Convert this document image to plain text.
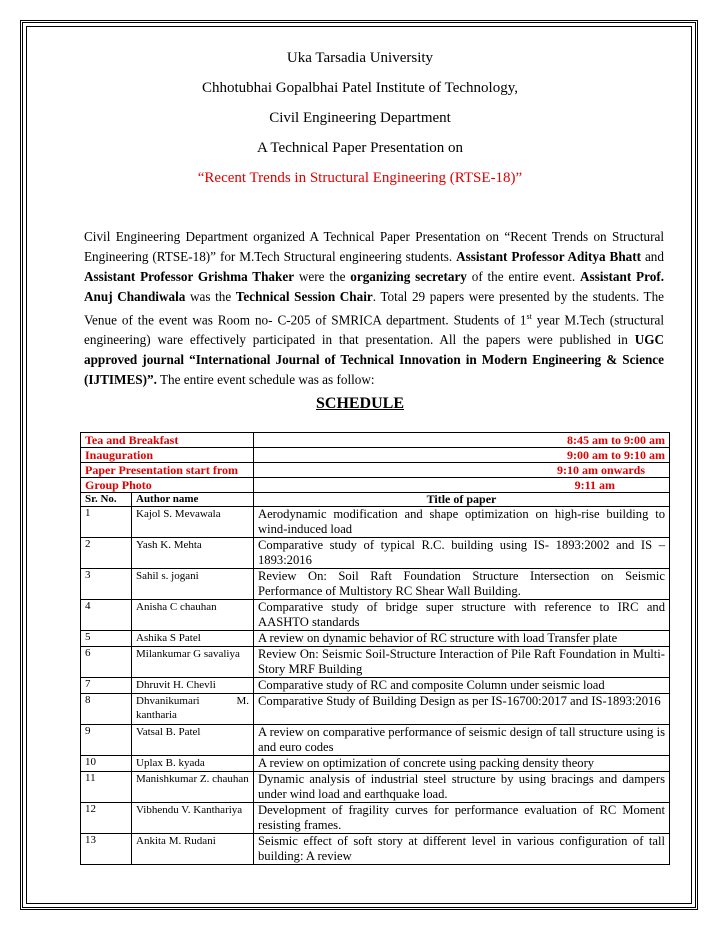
Uka Tarsadia University
Chhotubhai Gopalbhai Patel Institute of Technology,
Civil Engineering Department
A Technical Paper Presentation on
“Recent Trends in Structural Engineering (RTSE-18)”
Civil Engineering Department organized A Technical Paper Presentation on “Recent Trends on Structural Engineering (RTSE-18)” for M.Tech Structural engineering students. Assistant Professor Aditya Bhatt and Assistant Professor Grishma Thaker were the organizing secretary of the entire event. Assistant Prof. Anuj Chandiwala was the Technical Session Chair. Total 29 papers were presented by the students. The Venue of the event was Room no- C-205 of SMRICA department. Students of 1st year M.Tech (structural engineering) ware effectively participated in that presentation. All the papers were published in UGC approved journal “International Journal of Technical Innovation in Modern Engineering & Science (IJTIMES)”. The entire event schedule was as follow:
SCHEDULE
Tea and Breakfast		8:45 am to 9:00 am
Inauguration		9:00 am to 9:10 am
Paper Presentation start from		9:10 am onwards
Group Photo		9:11 am
Sr. No.	Author name	Title of paper
1	Kajol S. Mevawala	Aerodynamic modification and shape optimization on high-rise building to wind-induced load
2	Yash K. Mehta	Comparative study of typical R.C. building using IS- 1893:2002 and IS – 1893:2016
3	Sahil s. jogani	Review On: Soil Raft Foundation Structure Intersection on Seismic Performance of Multistory RC Shear Wall Building.
4	Anisha C chauhan	Comparative study of bridge super structure with reference to IRC and AASHTO standards
5	Ashika S Patel	A review on dynamic behavior of RC structure with load Transfer plate
6	Milankumar G savaliya	Review On: Seismic Soil-Structure Interaction of Pile Raft Foundation in Multi-Story MRF Building
7	Dhruvit H. Chevli	Comparative study of RC and composite Column under seismic load
8	Dhvanikumari M. kantharia	Comparative Study of Building Design as per IS-16700:2017 and IS-1893:2016
9	Vatsal B. Patel	A review on comparative performance of seismic design of tall structure using is and euro codes
10	Uplax B. kyada	A review on optimization of concrete using packing density theory
11	Manishkumar Z. chauhan	Dynamic analysis of industrial steel structure by using bracings and dampers under wind load and earthquake load.
12	Vibhendu V. Kanthariya	Development of fragility curves for performance evaluation of RC Moment resisting frames.
13	Ankita M. Rudani	Seismic effect of soft story at different level in various configuration of tall building: A review
